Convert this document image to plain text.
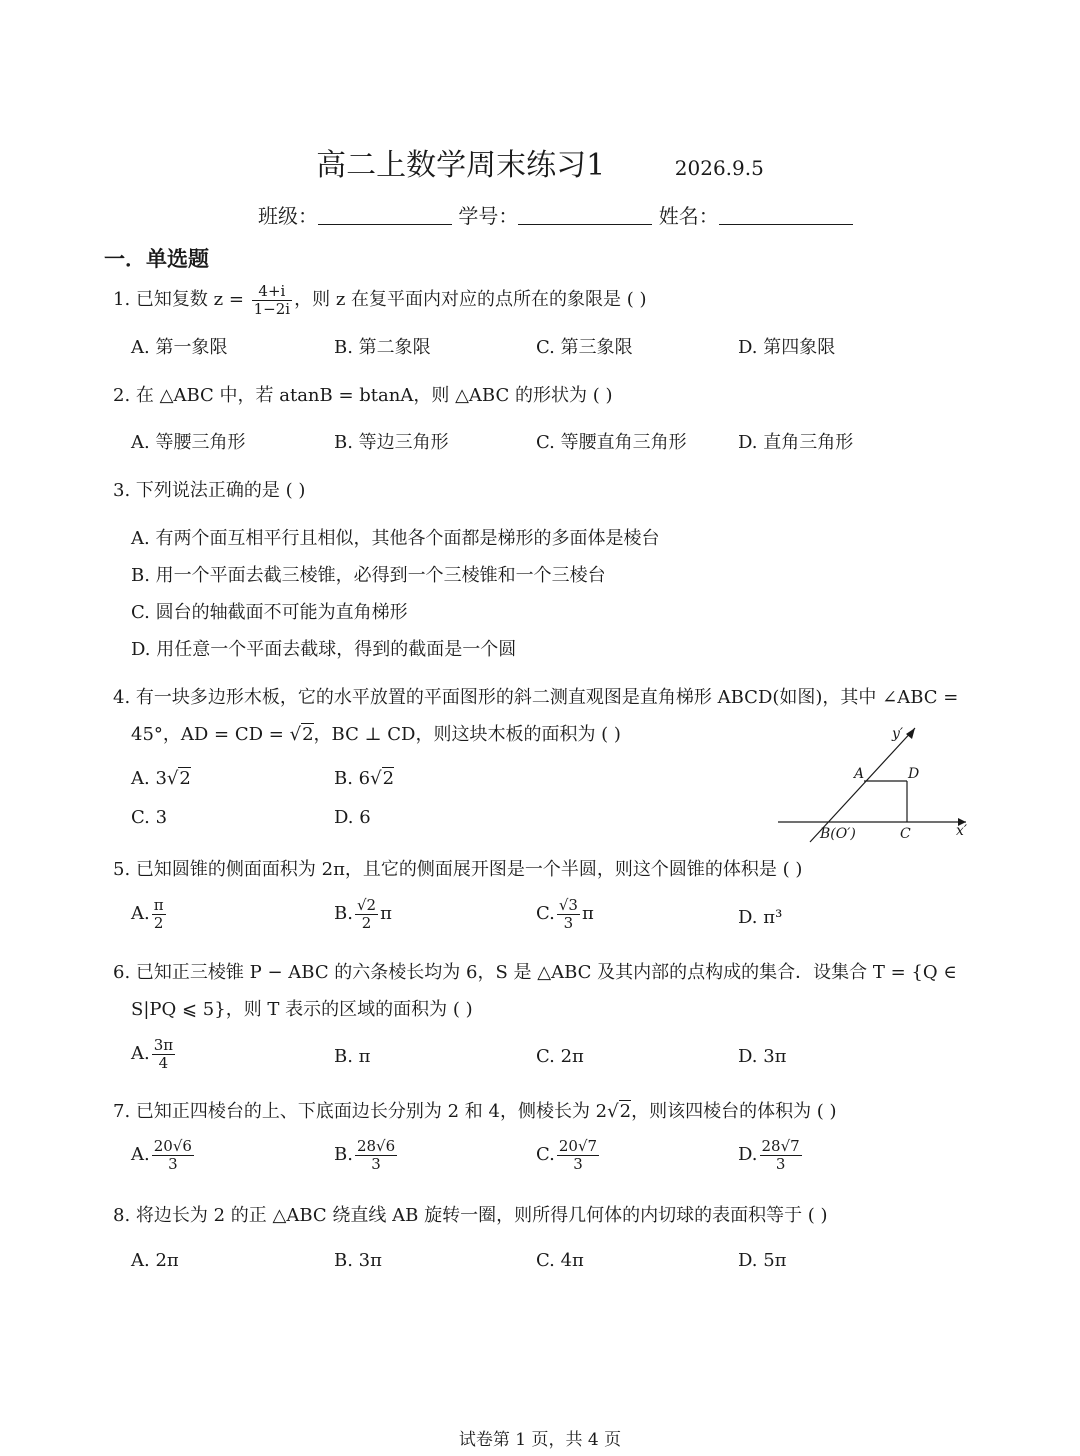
高二上数学周末练习1	2026.9.5
班级：	学号：	姓名：
一．单选题
1. 已知复数 $z = \frac{4+i}{1-2i}$ ，则 z 在复平面内对应的点所在的象限是 ( )
A. 第一象限	B. 第二象限	C. 第三象限	D. 第四象限
2. 在 △ABC 中，若 atanB = btanA，则 △ABC 的形状为 ( )
A. 等腰三角形	B. 等边三角形	C. 等腰直角三角形	D. 直角三角形
3. 下列说法正确的是 ( )
A. 有两个面互相平行且相似，其他各个面都是梯形的多面体是棱台
B. 用一个平面去截三棱锥，必得到一个三棱锥和一个三棱台
C. 圆台的轴截面不可能为直角梯形
D. 用任意一个平面去截球，得到的截面是一个圆
4. 有一块多边形木板，它的水平放置的平面图形的斜二测直观图是直角梯形 ABCD(如图)，其中 ∠ABC =
45°，AD = CD = √2，BC ⊥ CD，则这块木板的面积为 ( )
A. 3√2	B. 6√2
C. 3	D. 6
y′
x′
A	D
B(O′)	C
5. 已知圆锥的侧面面积为 2π，且它的侧面展开图是一个半圆，则这个圆锥的体积是 ( )
A. $\frac{\pi}{2}$	B. $\frac{√2}{2}$ π	C. $\frac{√3}{3}$ π	D. π³
6. 已知正三棱锥 P − ABC 的六条棱长均为 6，S 是 △ABC 及其内部的点构成的集合．设集合 T = {Q ∈
S|PQ ⩽ 5}，则 T 表示的区域的面积为 ( )
A. $\frac{3\pi}{4}$	B. π	C. 2π	D. 3π
7. 已知正四棱台的上、下底面边长分别为 2 和 4，侧棱长为 2√2，则该四棱台的体积为 ( )
A. $\frac{20√6}{3}$	B. $\frac{28√6}{3}$	C. $\frac{20√7}{3}$	D. $\frac{28√7}{3}$
8. 将边长为 2 的正 △ABC 绕直线 AB 旋转一圈，则所得几何体的内切球的表面积等于 ( )
A. 2π	B. 3π	C. 4π	D. 5π
试卷第 1 页，共 4 页
